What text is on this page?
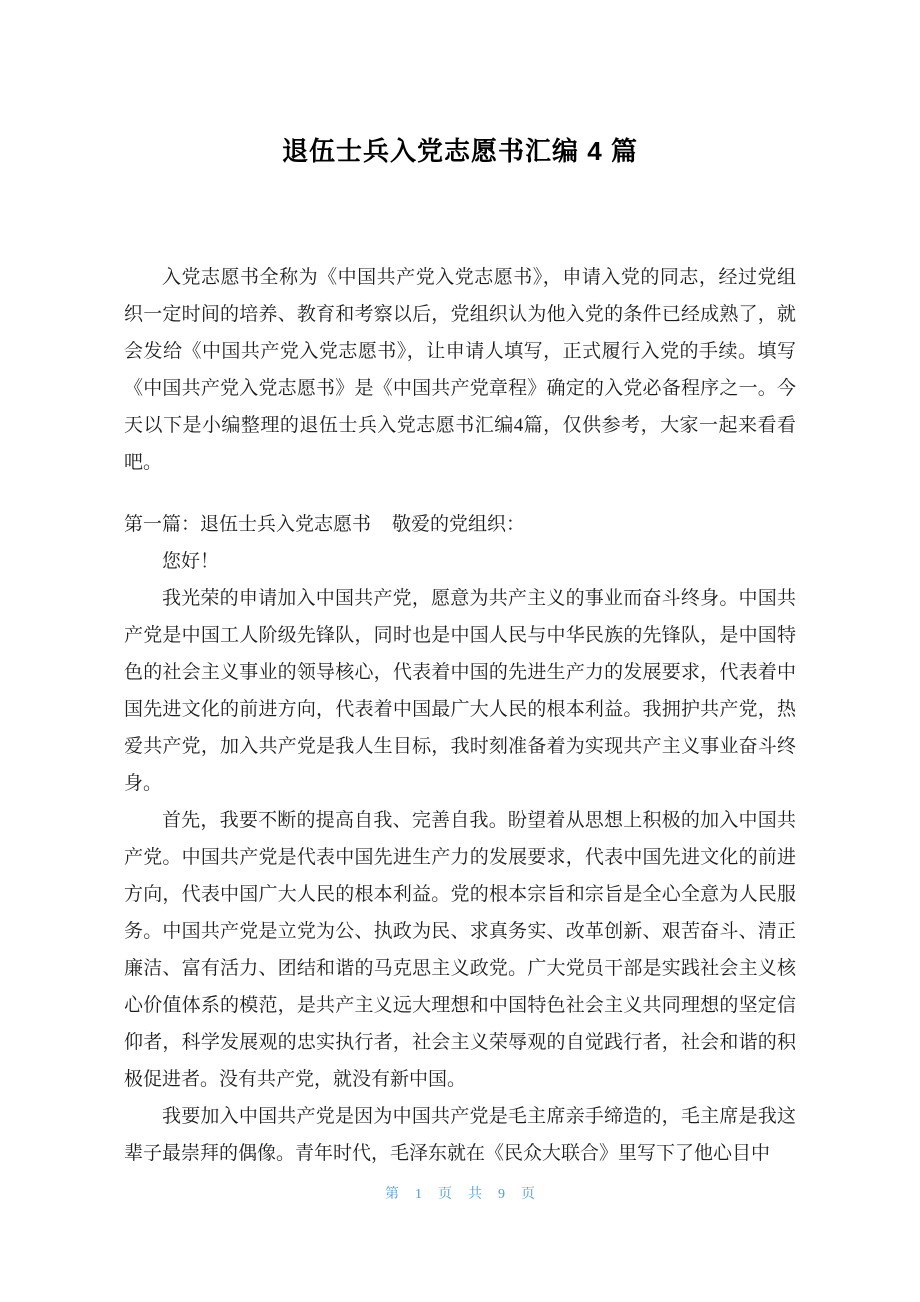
退伍士兵入党志愿书汇编 4 篇

入党志愿书全称为《中国共产党入党志愿书》，申请入党的同志，经过党组织一定时间的培养、教育和考察以后，党组织认为他入党的条件已经成熟了，就会发给《中国共产党入党志愿书》，让申请人填写，正式履行入党的手续。填写《中国共产党入党志愿书》是《中国共产党章程》确定的入党必备程序之一。今天以下是小编整理的退伍士兵入党志愿书汇编4篇，仅供参考，大家一起来看看吧。

第一篇：退伍士兵入党志愿书 敬爱的党组织：

您好！

我光荣的申请加入中国共产党，愿意为共产主义的事业而奋斗终身。中国共产党是中国工人阶级先锋队，同时也是中国人民与中华民族的先锋队，是中国特色的社会主义事业的领导核心，代表着中国的先进生产力的发展要求，代表着中国先进文化的前进方向，代表着中国最广大人民的根本利益。我拥护共产党，热爱共产党，加入共产党是我人生目标，我时刻准备着为实现共产主义事业奋斗终身。

首先，我要不断的提高自我、完善自我。盼望着从思想上积极的加入中国共产党。中国共产党是代表中国先进生产力的发展要求，代表中国先进文化的前进方向，代表中国广大人民的根本利益。党的根本宗旨和宗旨是全心全意为人民服务。中国共产党是立党为公、执政为民、求真务实、改革创新、艰苦奋斗、清正廉洁、富有活力、团结和谐的马克思主义政党。广大党员干部是实践社会主义核心价值体系的模范，是共产主义远大理想和中国特色社会主义共同理想的坚定信仰者，科学发展观的忠实执行者，社会主义荣辱观的自觉践行者，社会和谐的积极促进者。没有共产党，就没有新中国。

我要加入中国共产党是因为中国共产党是毛主席亲手缔造的，毛主席是我这辈子最崇拜的偶像。青年时代，毛泽东就在《民众大联合》里写下了他心目中

第 1 页 共 9 页
